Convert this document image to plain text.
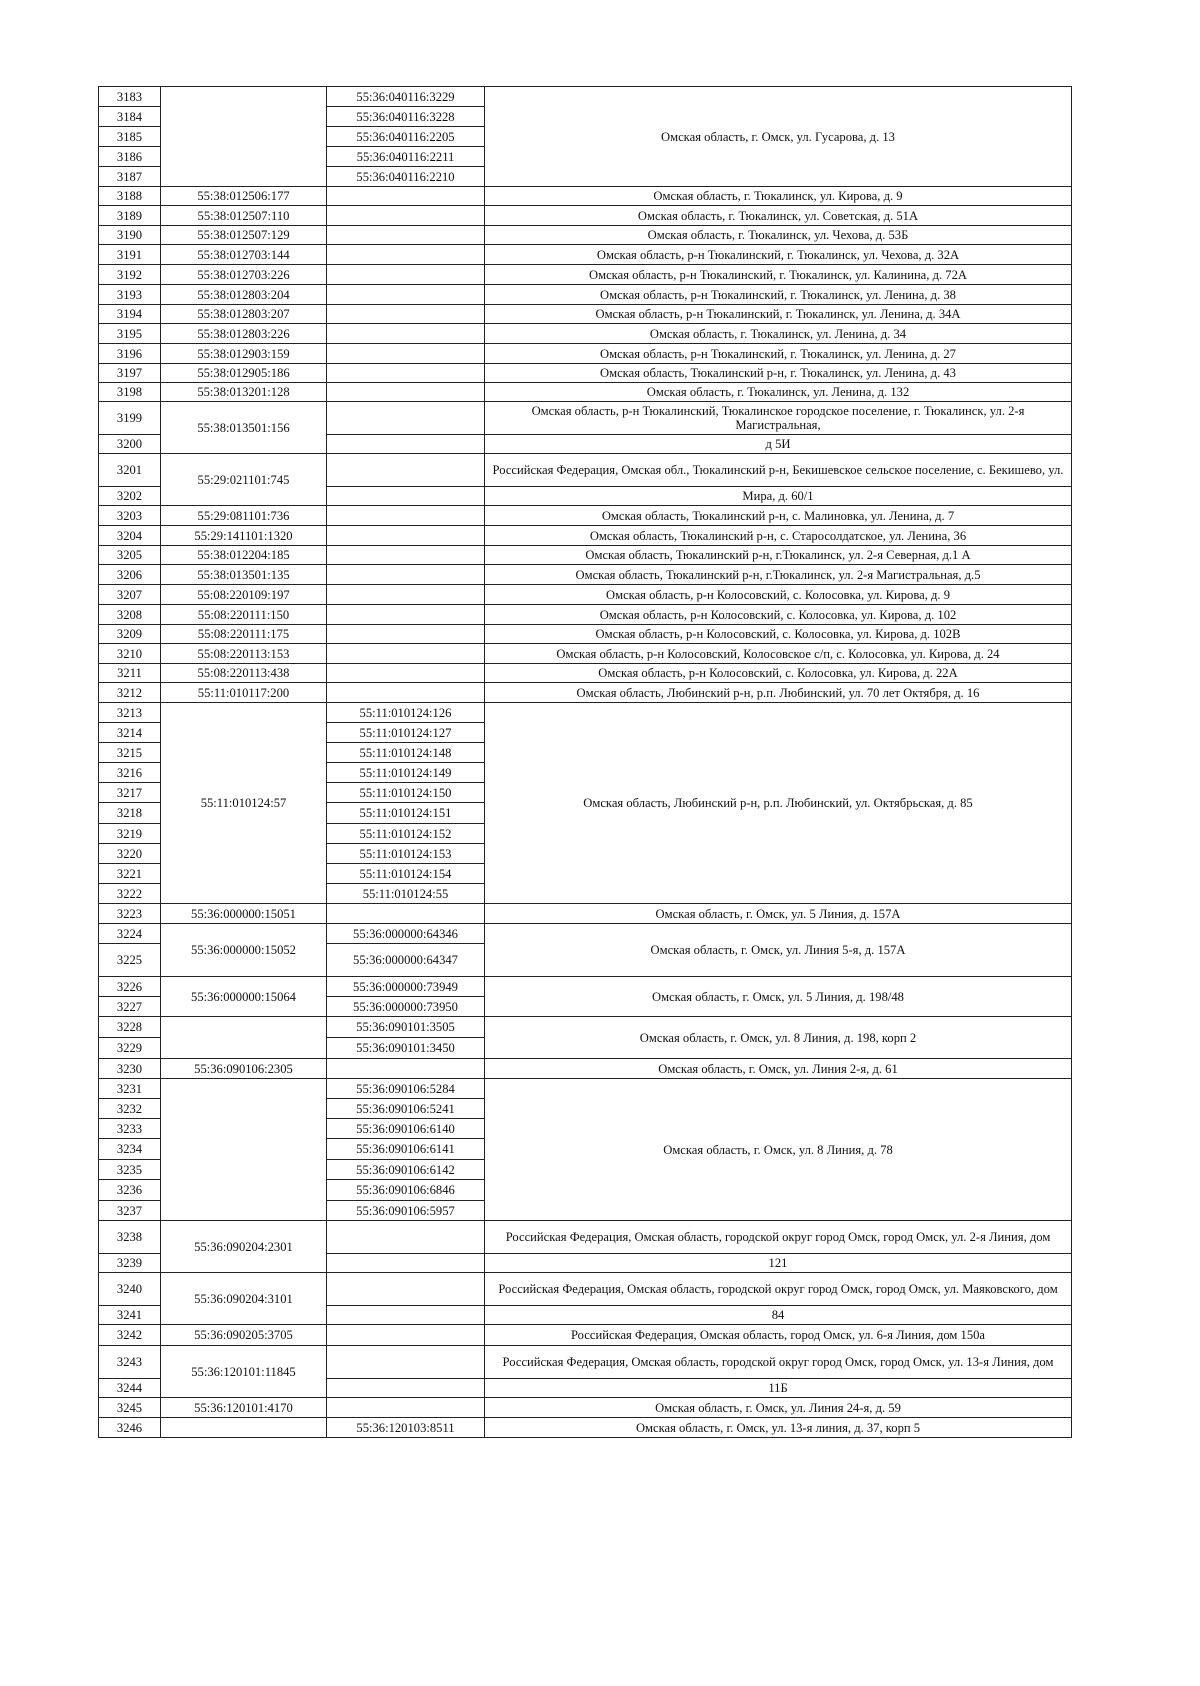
3183		55:36:040116:3229	Омская область, г. Омск, ул. Гусарова, д. 13
3184		55:36:040116:3228	
3185		55:36:040116:2205	
3186		55:36:040116:2211	
3187		55:36:040116:2210	
3188	55:38:012506:177		Омская область, г. Тюкалинск, ул. Кирова, д. 9
3189	55:38:012507:110		Омская область, г. Тюкалинск, ул. Советская, д. 51А
3190	55:38:012507:129		Омская область, г. Тюкалинск, ул. Чехова, д. 53Б
3191	55:38:012703:144		Омская область, р-н Тюкалинский, г. Тюкалинск, ул. Чехова, д. 32А
3192	55:38:012703:226		Омская область, р-н Тюкалинский, г. Тюкалинск, ул. Калинина, д. 72А
3193	55:38:012803:204		Омская область, р-н Тюкалинский, г. Тюкалинск, ул. Ленина, д. 38
3194	55:38:012803:207		Омская область, р-н Тюкалинский, г. Тюкалинск, ул. Ленина, д. 34А
3195	55:38:012803:226		Омская область, г. Тюкалинск, ул. Ленина, д. 34
3196	55:38:012903:159		Омская область, р-н Тюкалинский, г. Тюкалинск, ул. Ленина, д. 27
3197	55:38:012905:186		Омская область, Тюкалинский р-н, г. Тюкалинск, ул. Ленина, д. 43
3198	55:38:013201:128		Омская область, г. Тюкалинск, ул. Ленина, д. 132
3199	55:38:013501:156		Омская область, р-н Тюкалинский, Тюкалинское городское поселение, г. Тюкалинск, ул. 2-я Магистральная,
3200			д 5И
3201	55:29:021101:745		Российская Федерация, Омская обл., Тюкалинский р-н, Бекишевское сельское поселение, с. Бекишево, ул.
3202			Мира, д. 60/1
3203	55:29:081101:736		Омская область, Тюкалинский р-н, с. Малиновка, ул. Ленина, д. 7
3204	55:29:141101:1320		Омская область, Тюкалинский р-н, с. Старосолдатское, ул. Ленина, 36
3205	55:38:012204:185		Омская область, Тюкалинский р-н, г.Тюкалинск, ул. 2-я Северная, д.1 А
3206	55:38:013501:135		Омская область, Тюкалинский р-н, г.Тюкалинск, ул. 2-я Магистральная, д.5
3207	55:08:220109:197		Омская область, р-н Колосовский, с. Колосовка, ул. Кирова, д. 9
3208	55:08:220111:150		Омская область, р-н Колосовский, с. Колосовка, ул. Кирова, д. 102
3209	55:08:220111:175		Омская область, р-н Колосовский, с. Колосовка, ул. Кирова, д. 102В
3210	55:08:220113:153		Омская область, р-н Колосовский, Колосовское с/п, с. Колосовка, ул. Кирова, д. 24
3211	55:08:220113:438		Омская область, р-н Колосовский, с. Колосовка, ул. Кирова, д. 22А
3212	55:11:010117:200		Омская область, Любинский р-н, р.п. Любинский, ул. 70 лет Октября, д. 16
3213	55:11:010124:57	55:11:010124:126	Омская область, Любинский р-н, р.п. Любинский, ул. Октябрьская, д. 85
3214		55:11:010124:127	
3215		55:11:010124:148	
3216		55:11:010124:149	
3217		55:11:010124:150	
3218		55:11:010124:151	
3219		55:11:010124:152	
3220		55:11:010124:153	
3221		55:11:010124:154	
3222		55:11:010124:55	
3223	55:36:000000:15051		Омская область, г. Омск, ул. 5 Линия, д. 157А
3224	55:36:000000:15052	55:36:000000:64346	Омская область, г. Омск, ул. Линия 5-я, д. 157А
3225		55:36:000000:64347	
3226	55:36:000000:15064	55:36:000000:73949	Омская область, г. Омск, ул. 5 Линия, д. 198/48
3227		55:36:000000:73950	
3228		55:36:090101:3505	Омская область, г. Омск, ул. 8 Линия, д. 198, корп 2
3229		55:36:090101:3450	
3230	55:36:090106:2305		Омская область, г. Омск, ул. Линия 2-я, д. 61
3231		55:36:090106:5284	Омская область, г. Омск, ул. 8 Линия, д. 78
3232		55:36:090106:5241	
3233		55:36:090106:6140	
3234		55:36:090106:6141	
3235		55:36:090106:6142	
3236		55:36:090106:6846	
3237		55:36:090106:5957	
3238	55:36:090204:2301		Российская Федерация, Омская область, городской округ город Омск, город Омск, ул. 2-я Линия, дом
3239			121
3240	55:36:090204:3101		Российская Федерация, Омская область, городской округ город Омск, город Омск, ул. Маяковского, дом
3241			84
3242	55:36:090205:3705		Российская Федерация, Омская область, город Омск, ул. 6-я Линия, дом 150а
3243	55:36:120101:11845		Российская Федерация, Омская область, городской округ город Омск, город Омск, ул. 13-я Линия, дом
3244			11Б
3245	55:36:120101:4170		Омская область, г. Омск, ул. Линия 24-я, д. 59
3246		55:36:120103:8511	Омская область, г. Омск, ул. 13-я линия, д. 37, корп 5
